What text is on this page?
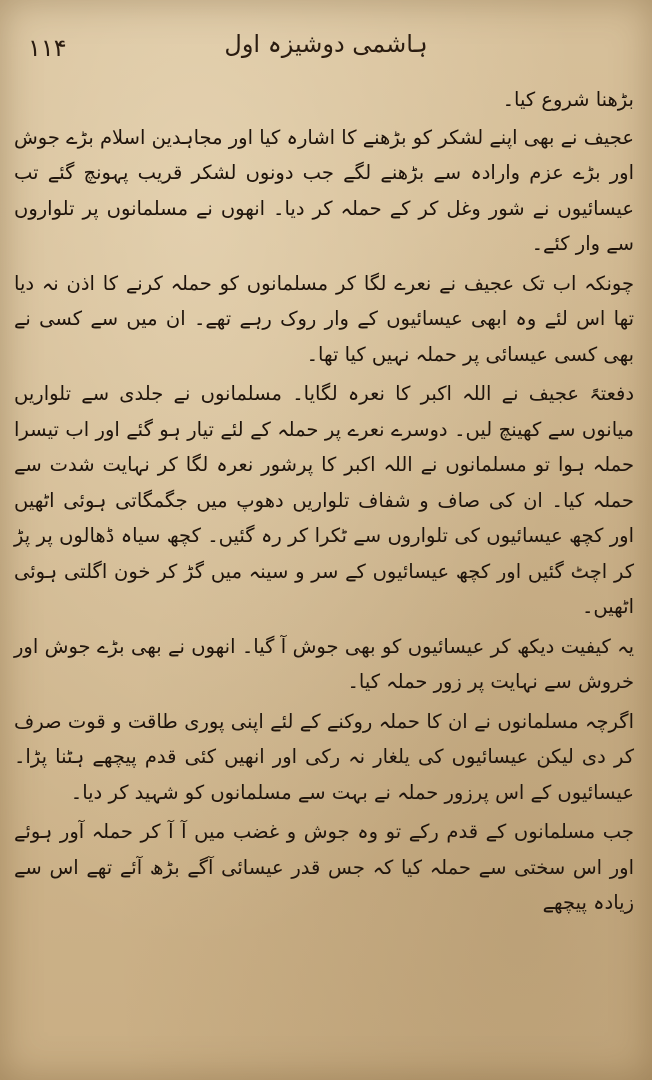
۱۱۴	ہاشمی دوشیزہ اول

بڑھنا شروع کیا۔

عجیف نے بھی اپنے لشکر کو بڑھنے کا اشارہ کیا اور مجاہدین اسلام بڑے جوش اور بڑے عزم وارادہ سے بڑھنے لگے جب دونوں لشکر قریب پہونچ گئے تب عیسائیوں نے شور وغل کر کے حملہ کر دیا۔ انھوں نے مسلمانوں پر تلواروں سے وار کئے۔

چونکہ اب تک عجیف نے نعرے لگا کر مسلمانوں کو حملہ کرنے کا اذن نہ دیا تھا اس لئے وہ ابھی عیسائیوں کے وار روک رہے تھے۔ ان میں سے کسی نے بھی کسی عیسائی پر حملہ نہیں کیا تھا۔

دفعتہً عجیف نے اللہ اکبر کا نعرہ لگایا۔ مسلمانوں نے جلدی سے تلواریں میانوں سے کھینچ لیں۔ دوسرے نعرے پر حملہ کے لئے تیار ہو گئے اور اب تیسرا حملہ ہوا تو مسلمانوں نے اللہ اکبر کا پرشور نعرہ لگا کر نہایت شدت سے حملہ کیا۔ ان کی صاف و شفاف تلواریں دھوپ میں جگمگاتی ہوئی اٹھیں اور کچھ عیسائیوں کی تلواروں سے ٹکرا کر رہ گئیں۔ کچھ سیاہ ڈھالوں پر پڑ کر اچٹ گئیں اور کچھ عیسائیوں کے سر و سینہ میں گڑ کر خون اگلتی ہوئی اٹھیں۔

یہ کیفیت دیکھ کر عیسائیوں کو بھی جوش آ گیا۔ انھوں نے بھی بڑے جوش اور خروش سے نہایت پر زور حملہ کیا۔

اگرچہ مسلمانوں نے ان کا حملہ روکنے کے لئے اپنی پوری طاقت و قوت صرف کر دی لیکن عیسائیوں کی یلغار نہ رکی اور انھیں کئی قدم پیچھے ہٹنا پڑا۔ عیسائیوں کے اس پرزور حملہ نے بہت سے مسلمانوں کو شہید کر دیا۔

جب مسلمانوں کے قدم رکے تو وہ جوش و غضب میں آ آ کر حملہ آور ہوئے اور اس سختی سے حملہ کیا کہ جس قدر عیسائی آگے بڑھ آئے تھے اس سے زیادہ پیچھے
